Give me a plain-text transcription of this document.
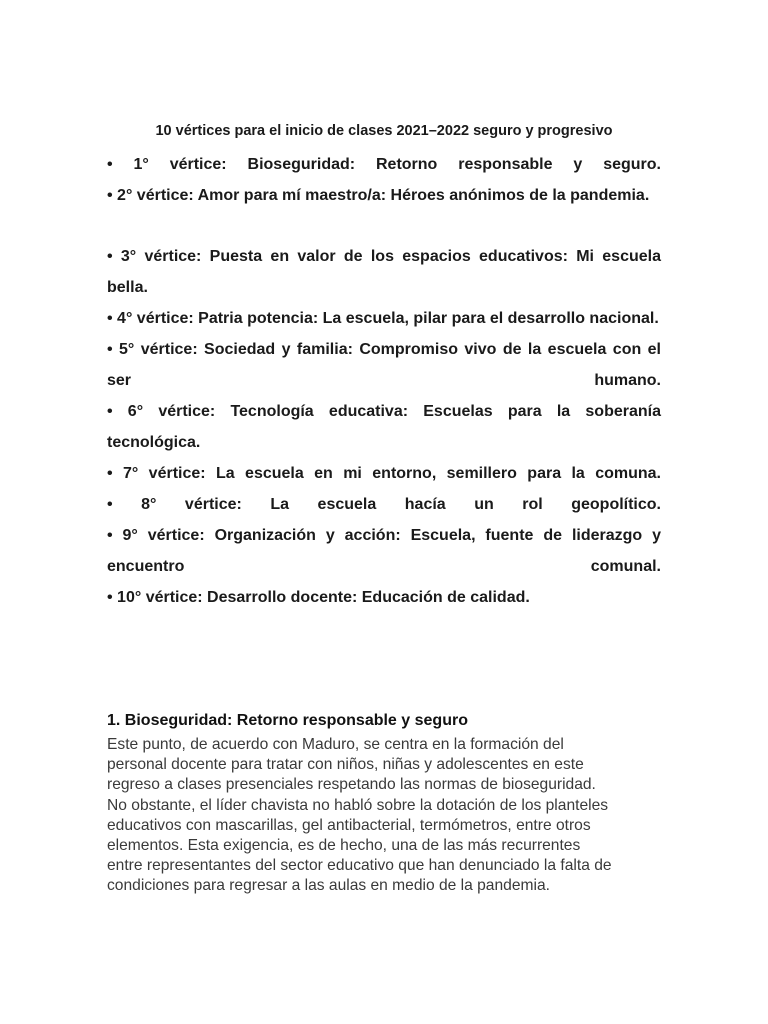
10 vértices para el inicio de clases 2021–2022 seguro y progresivo
• 1° vértice: Bioseguridad: Retorno responsable y seguro.
• 2° vértice: Amor para mí maestro/a: Héroes anónimos de la pandemia.
• 3° vértice: Puesta en valor de los espacios educativos: Mi escuela bella.
• 4° vértice: Patria potencia: La escuela, pilar para el desarrollo nacional.
• 5° vértice: Sociedad y familia: Compromiso vivo de la escuela con el ser humano.
• 6° vértice: Tecnología educativa: Escuelas para la soberanía tecnológica.
• 7° vértice: La escuela en mi entorno, semillero para la comuna.
• 8° vértice: La escuela hacía un rol geopolítico.
• 9° vértice: Organización y acción: Escuela, fuente de liderazgo y encuentro comunal.
• 10° vértice: Desarrollo docente: Educación de calidad.
1. Bioseguridad: Retorno responsable y seguro

Este punto, de acuerdo con Maduro, se centra en la formación del
personal docente para tratar con niños, niñas y adolescentes en este
regreso a clases presenciales respetando las normas de bioseguridad.
No obstante, el líder chavista no habló sobre la dotación de los planteles
educativos con mascarillas, gel antibacterial, termómetros, entre otros
elementos. Esta exigencia, es de hecho, una de las más recurrentes
entre representantes del sector educativo que han denunciado la falta de
condiciones para regresar a las aulas en medio de la pandemia.
